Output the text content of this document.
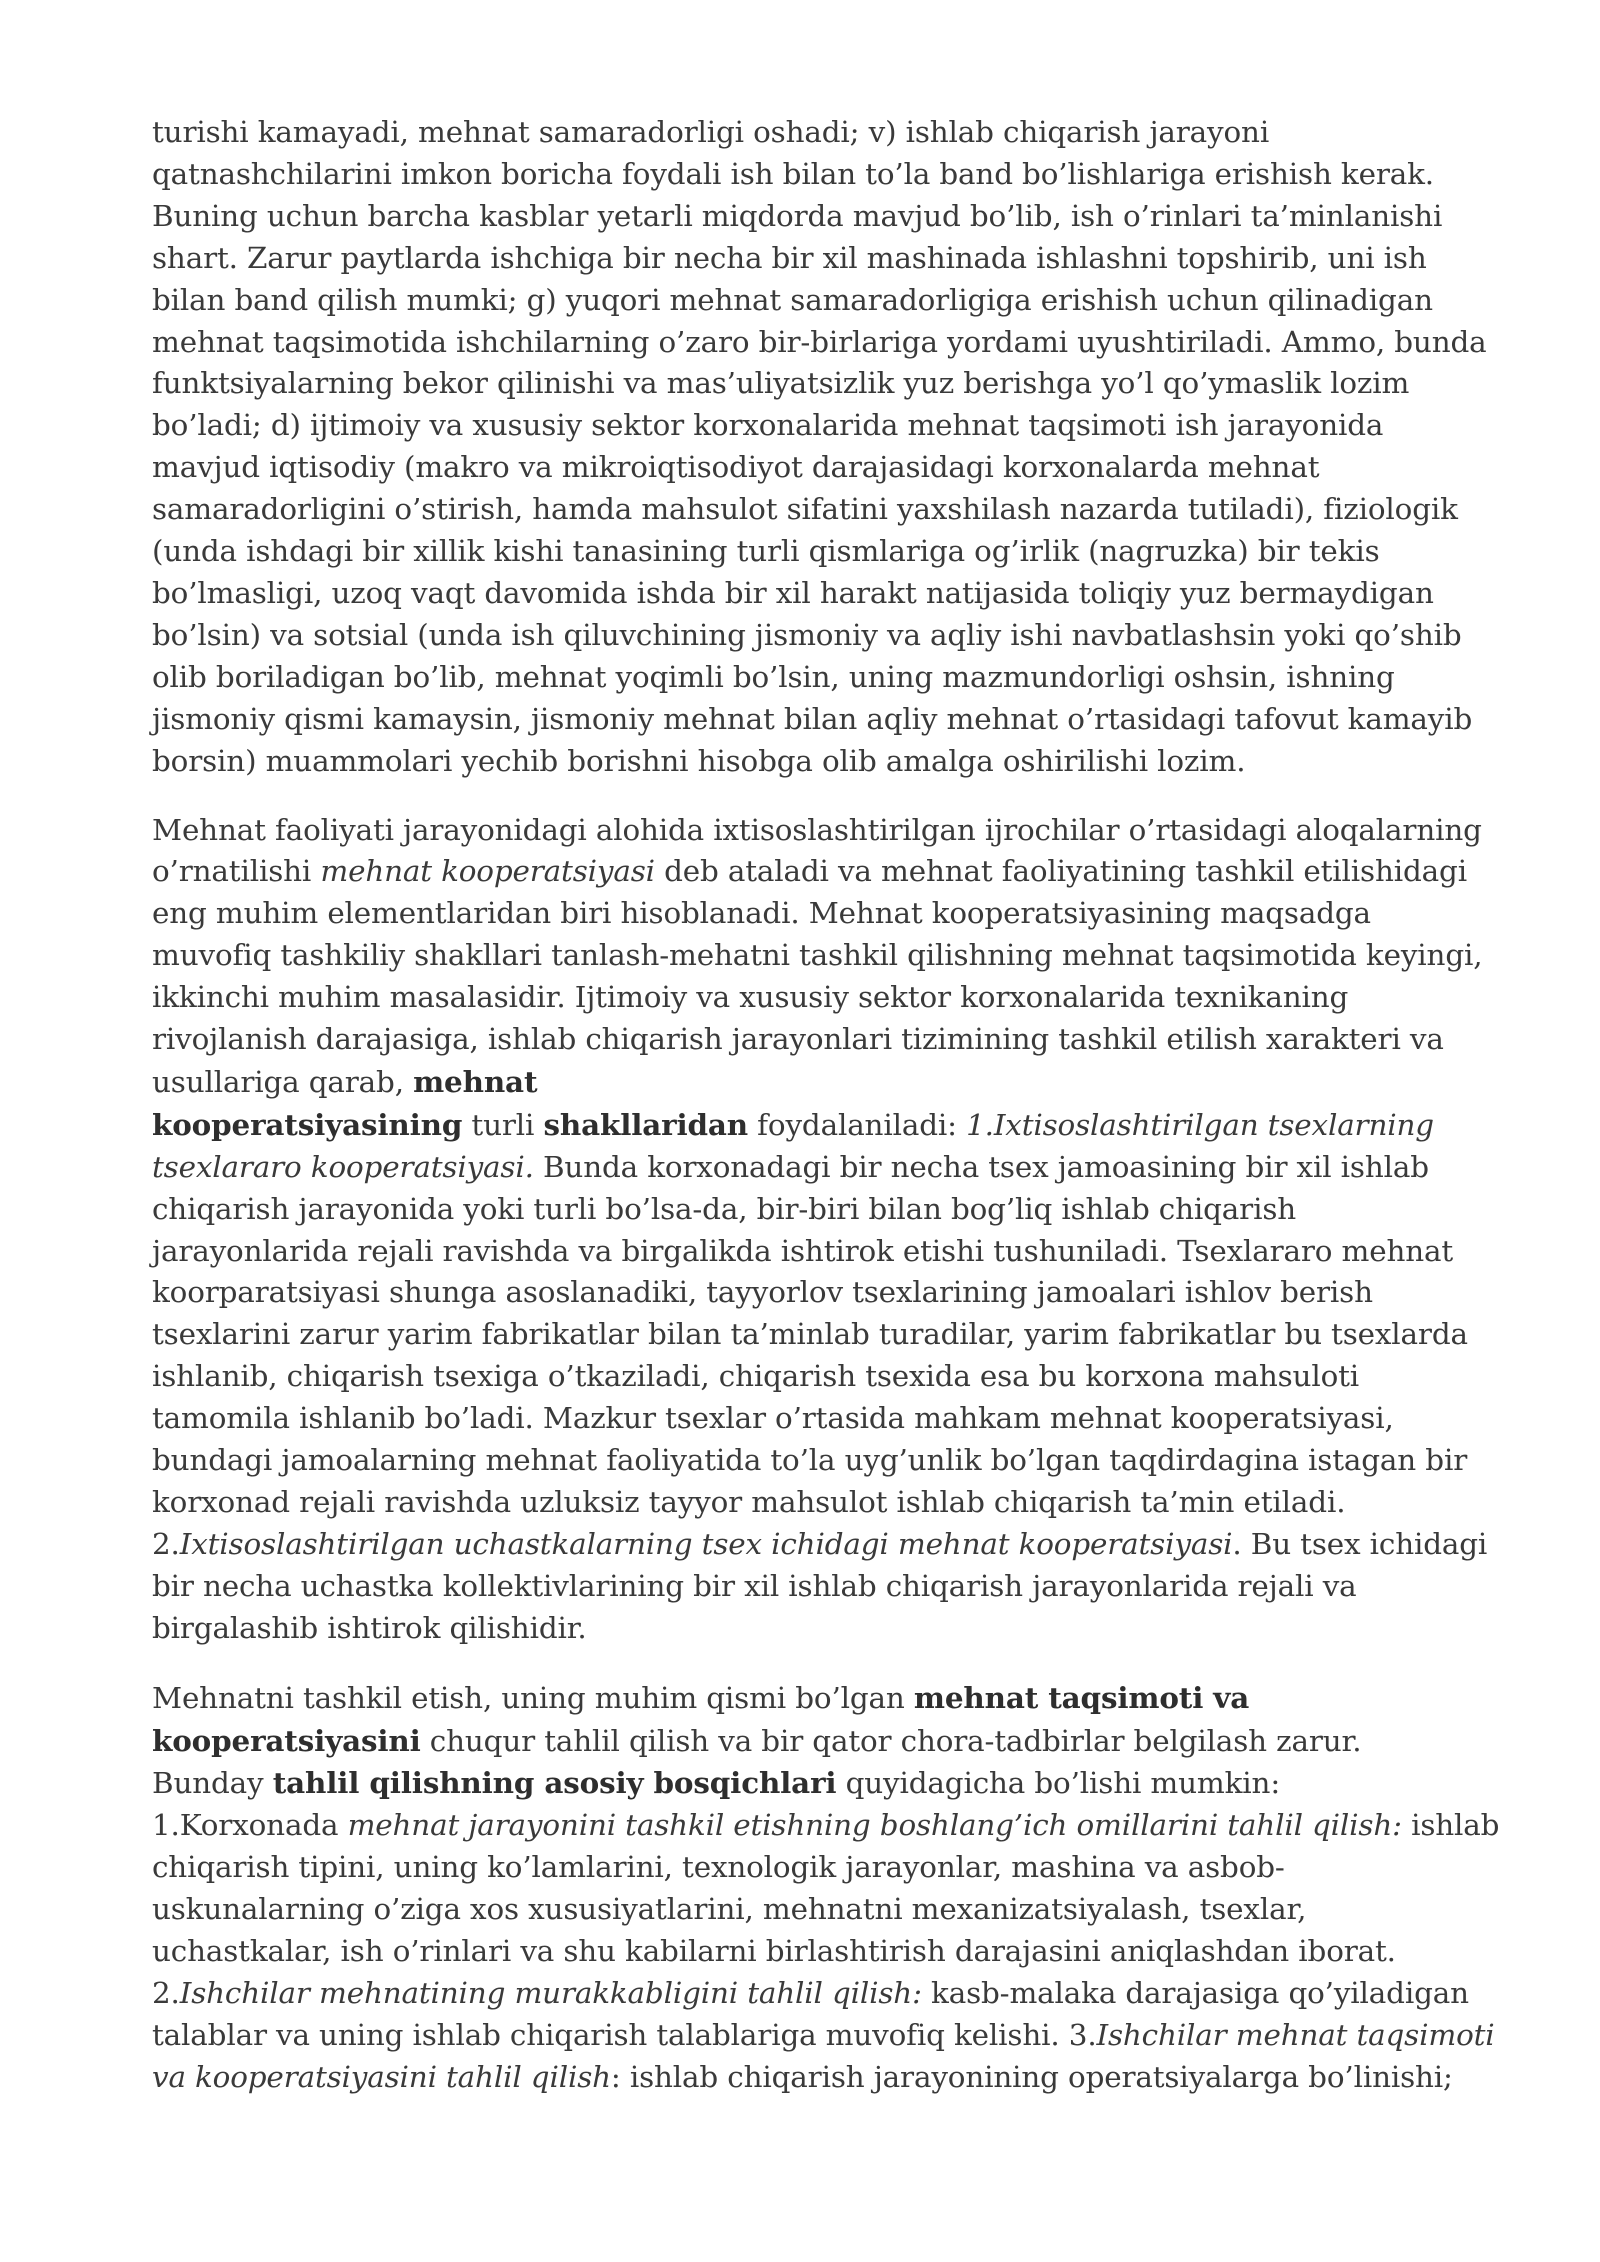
turishi kamayadi, mehnat samaradorligi oshadi; v) ishlab chiqarish jarayoni
qatnashchilarini imkon boricha foydali ish bilan to’la band bo’lishlariga erishish kerak.
Buning uchun barcha kasblar yetarli miqdorda mavjud bo’lib, ish o’rinlari ta’minlanishi
shart. Zarur paytlarda ishchiga bir necha bir xil mashinada ishlashni topshirib, uni ish
bilan band qilish mumki; g) yuqori mehnat samaradorligiga erishish uchun qilinadigan
mehnat taqsimotida ishchilarning o’zaro bir-birlariga yordami uyushtiriladi. Ammo, bunda
funktsiyalarning bekor qilinishi va mas’uliyatsizlik yuz berishga yo’l qo’ymaslik lozim
bo’ladi; d) ijtimoiy va xususiy sektor korxonalarida mehnat taqsimoti ish jarayonida
mavjud iqtisodiy (makro va mikroiqtisodiyot darajasidagi korxonalarda mehnat
samaradorligini o’stirish, hamda mahsulot sifatini yaxshilash nazarda tutiladi), fiziologik
(unda ishdagi bir xillik kishi tanasining turli qismlariga og’irlik (nagruzka) bir tekis
bo’lmasligi, uzoq vaqt davomida ishda bir xil harakt natijasida toliqiy yuz bermaydigan
bo’lsin) va sotsial (unda ish qiluvchining jismoniy va aqliy ishi navbatlashsin yoki qo’shib
olib boriladigan bo’lib, mehnat yoqimli bo’lsin, uning mazmundorligi oshsin, ishning
jismoniy qismi kamaysin, jismoniy mehnat bilan aqliy mehnat o’rtasidagi tafovut kamayib
borsin) muammolari yechib borishni hisobga olib amalga oshirilishi lozim.

Mehnat faoliyati jarayonidagi alohida ixtisoslashtirilgan ijrochilar o’rtasidagi aloqalarning
o’rnatilishi mehnat kooperatsiyasi deb ataladi va mehnat faoliyatining tashkil etilishidagi
eng muhim elementlaridan biri hisoblanadi. Mehnat kooperatsiyasining maqsadga
muvofiq tashkiliy shakllari tanlash-mehatni tashkil qilishning mehnat taqsimotida keyingi,
ikkinchi muhim masalasidir. Ijtimoiy va xususiy sektor korxonalarida texnikaning
rivojlanish darajasiga, ishlab chiqarish jarayonlari tizimining tashkil etilish xarakteri va
usullariga qarab, mehnat
kooperatsiyasining turli shakllaridan foydalaniladi: 1.Ixtisoslashtirilgan tsexlarning
tsexlararo kooperatsiyasi. Bunda korxonadagi bir necha tsex jamoasining bir xil ishlab
chiqarish jarayonida yoki turli bo’lsa-da, bir-biri bilan bog’liq ishlab chiqarish
jarayonlarida rejali ravishda va birgalikda ishtirok etishi tushuniladi. Tsexlararo mehnat
koorparatsiyasi shunga asoslanadiki, tayyorlov tsexlarining jamoalari ishlov berish
tsexlarini zarur yarim fabrikatlar bilan ta’minlab turadilar, yarim fabrikatlar bu tsexlarda
ishlanib, chiqarish tsexiga o’tkaziladi, chiqarish tsexida esa bu korxona mahsuloti
tamomila ishlanib bo’ladi. Mazkur tsexlar o’rtasida mahkam mehnat kooperatsiyasi,
bundagi jamoalarning mehnat faoliyatida to’la uyg’unlik bo’lgan taqdirdagina istagan bir
korxonad rejali ravishda uzluksiz tayyor mahsulot ishlab chiqarish ta’min etiladi.
2.Ixtisoslashtirilgan uchastkalarning tsex ichidagi mehnat kooperatsiyasi. Bu tsex ichidagi
bir necha uchastka kollektivlarining bir xil ishlab chiqarish jarayonlarida rejali va
birgalashib ishtirok qilishidir.

Mehnatni tashkil etish, uning muhim qismi bo’lgan mehnat taqsimoti va
kooperatsiyasini chuqur tahlil qilish va bir qator chora-tadbirlar belgilash zarur.
Bunday tahlil qilishning asosiy bosqichlari quyidagicha bo’lishi mumkin:
1.Korxonada mehnat jarayonini tashkil etishning boshlang’ich omillarini tahlil qilish: ishlab
chiqarish tipini, uning ko’lamlarini, texnologik jarayonlar, mashina va asbob-
uskunalarning o’ziga xos xususiyatlarini, mehnatni mexanizatsiyalash, tsexlar,
uchastkalar, ish o’rinlari va shu kabilarni birlashtirish darajasini aniqlashdan iborat.
2.Ishchilar mehnatining murakkabligini tahlil qilish: kasb-malaka darajasiga qo’yiladigan
talablar va uning ishlab chiqarish talablariga muvofiq kelishi. 3.Ishchilar mehnat taqsimoti
va kooperatsiyasini tahlil qilish: ishlab chiqarish jarayonining operatsiyalarga bo’linishi;
